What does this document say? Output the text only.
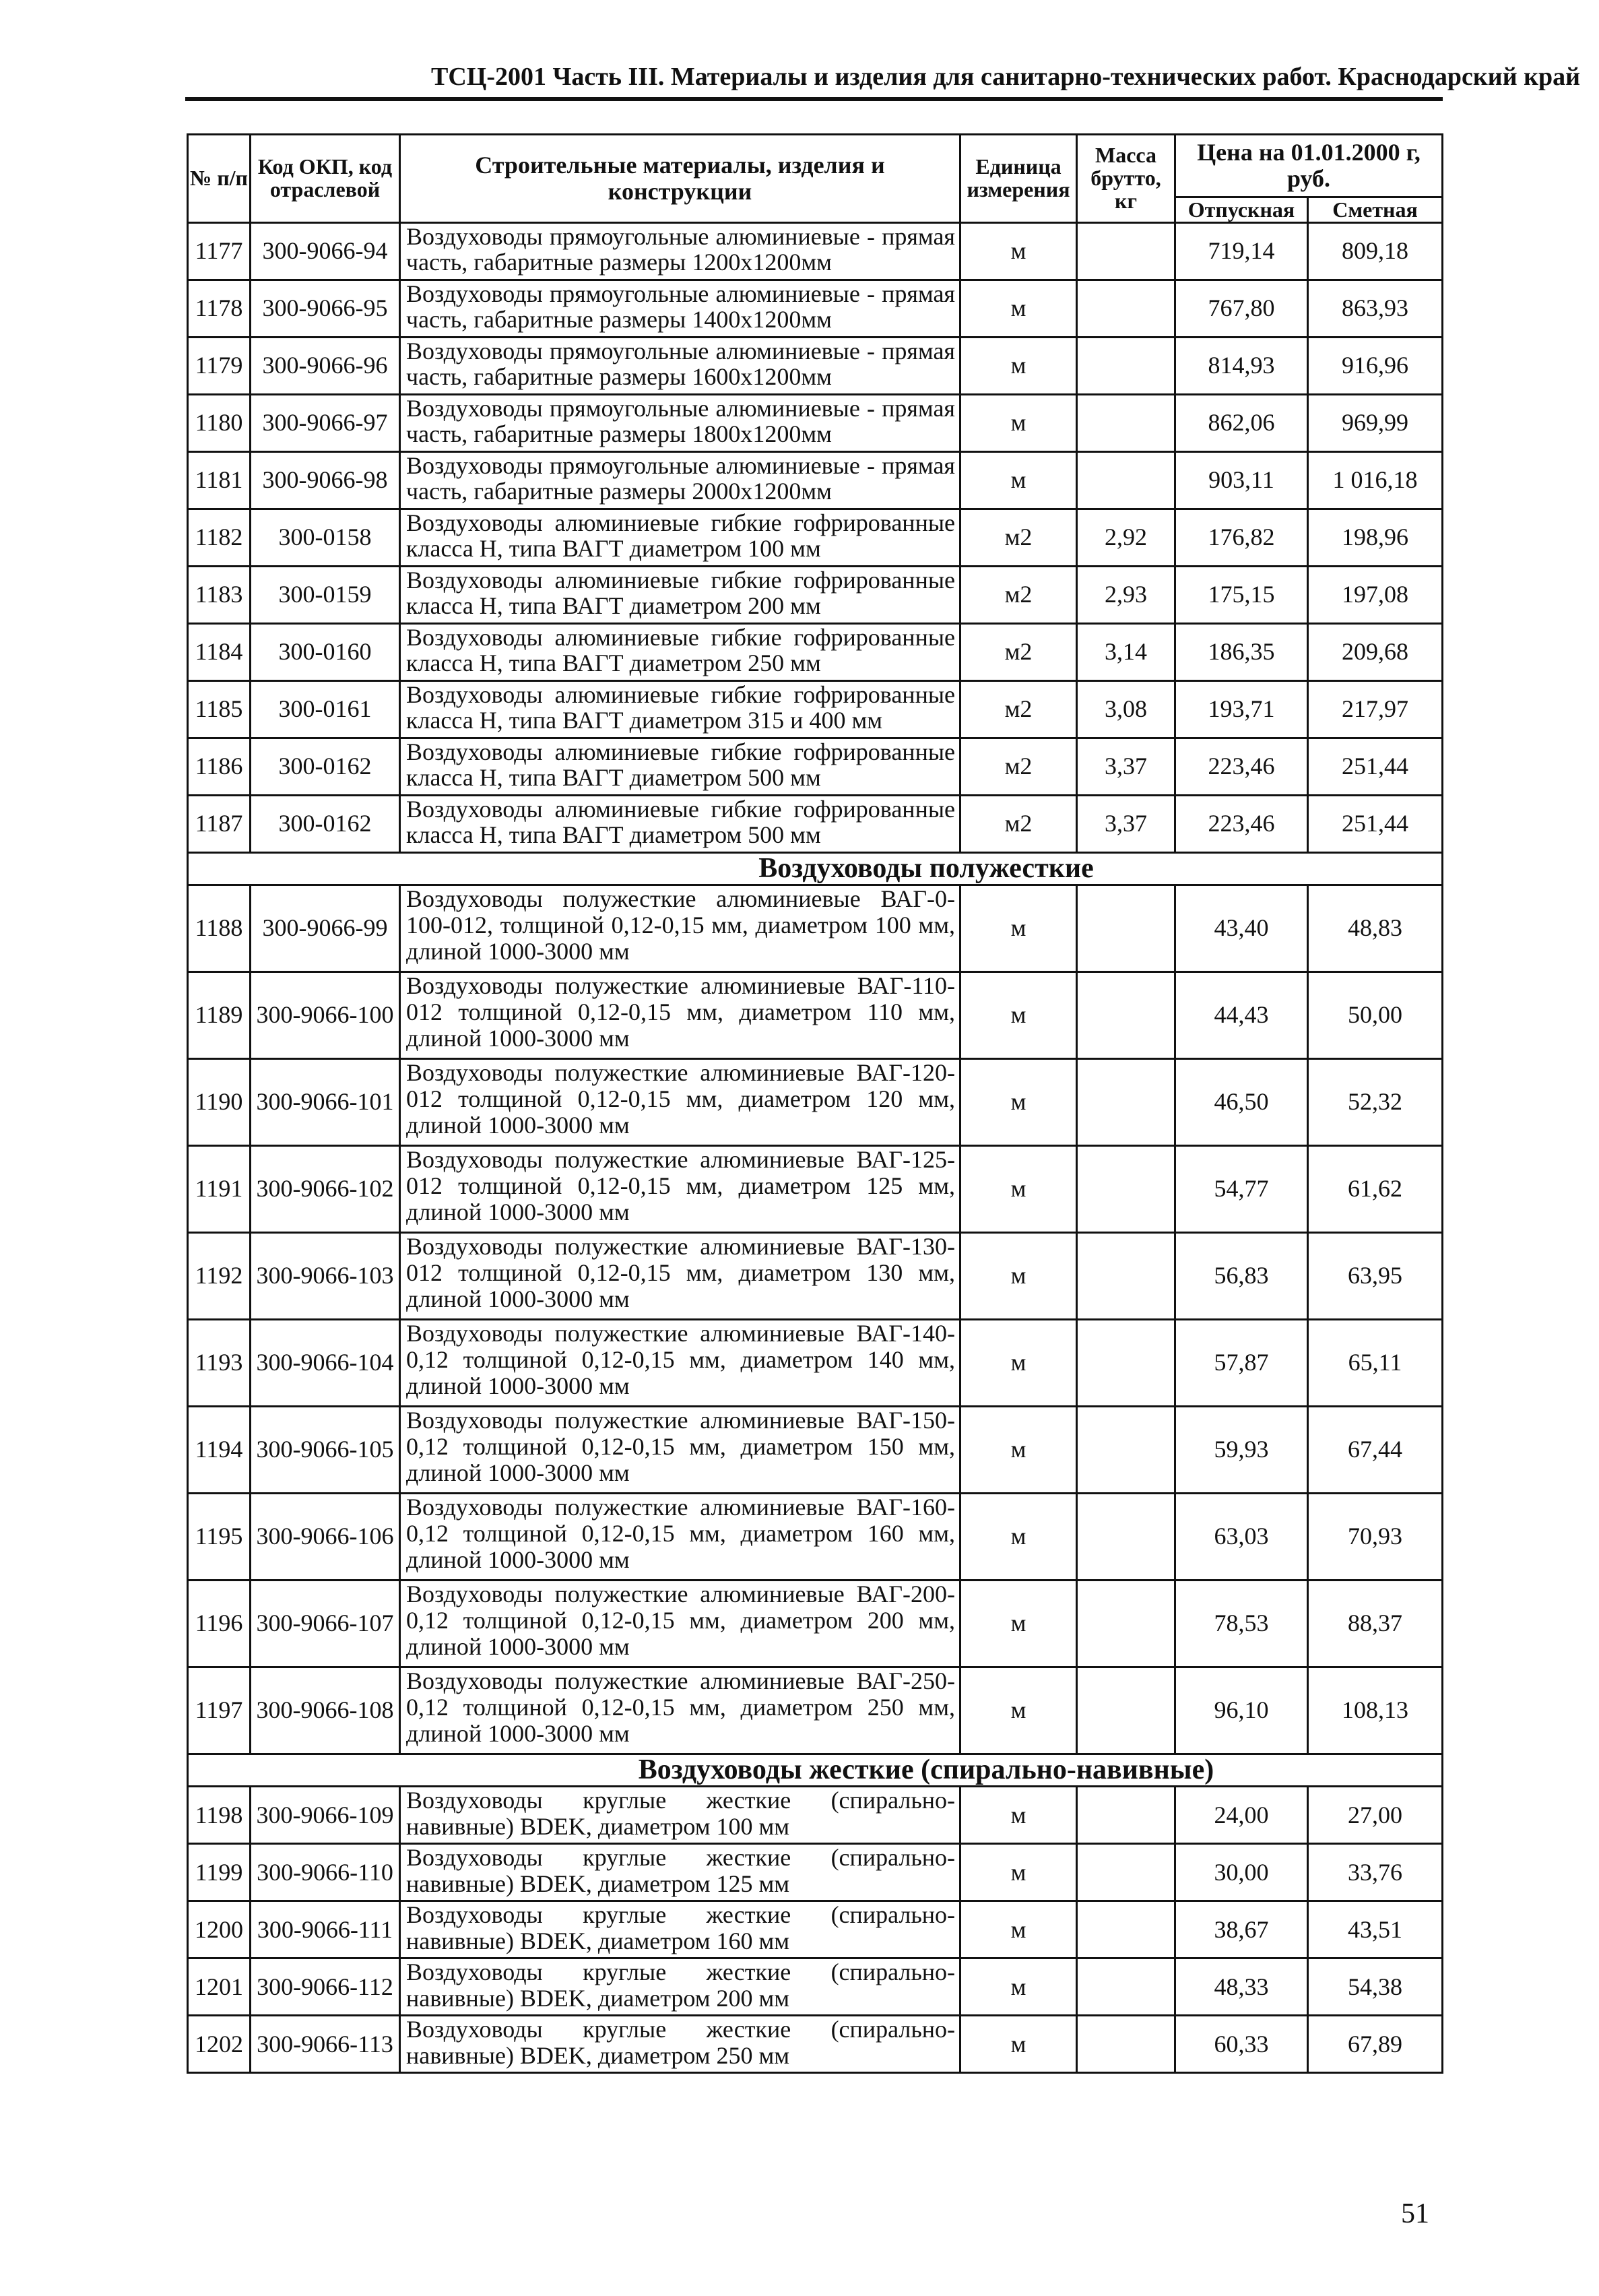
ТСЦ-2001 Часть III. Материалы и изделия для санитарно-технических работ. Краснодарский край
№ п/п	Код ОКП, код отраслевой	Строительные материалы, изделия и конструкции	Единица измерения	Масса брутто, кг	Цена на 01.01.2000 г, руб.	
					Отпускная	Сметная
1177	300-9066-94	Воздуховоды прямоугольные алюминиевые - прямая часть, габаритные размеры 1200х1200мм	м		719,14	809,18
1178	300-9066-95	Воздуховоды прямоугольные алюминиевые - прямая часть, габаритные размеры 1400х1200мм	м		767,80	863,93
1179	300-9066-96	Воздуховоды прямоугольные алюминиевые - прямая часть, габаритные размеры 1600х1200мм	м		814,93	916,96
1180	300-9066-97	Воздуховоды прямоугольные алюминиевые - прямая часть, габаритные размеры 1800х1200мм	м		862,06	969,99
1181	300-9066-98	Воздуховоды прямоугольные алюминиевые - прямая часть, габаритные размеры 2000х1200мм	м		903,11	1 016,18
1182	300-0158	Воздуховоды алюминиевые гибкие гофрированные класса Н, типа ВАГТ диаметром 100 мм	м2	2,92	176,82	198,96
1183	300-0159	Воздуховоды алюминиевые гибкие гофрированные класса Н, типа ВАГТ диаметром 200 мм	м2	2,93	175,15	197,08
1184	300-0160	Воздуховоды алюминиевые гибкие гофрированные класса Н, типа ВАГТ диаметром 250 мм	м2	3,14	186,35	209,68
1185	300-0161	Воздуховоды алюминиевые гибкие гофрированные класса Н, типа ВАГТ диаметром 315 и 400 мм	м2	3,08	193,71	217,97
1186	300-0162	Воздуховоды алюминиевые гибкие гофрированные класса Н, типа ВАГТ диаметром 500 мм	м2	3,37	223,46	251,44
1187	300-0162	Воздуховоды алюминиевые гибкие гофрированные класса Н, типа ВАГТ диаметром 500 мм	м2	3,37	223,46	251,44
Воздуховоды полужесткие						
1188	300-9066-99	Воздуховоды полужесткие алюминиевые ВАГ-0-100-012, толщиной 0,12-0,15 мм, диаметром 100 мм, длиной 1000-3000 мм	м		43,40	48,83
1189	300-9066-100	Воздуховоды полужесткие алюминиевые ВАГ-110-012 толщиной 0,12-0,15 мм, диаметром 110 мм, длиной 1000-3000 мм	м		44,43	50,00
1190	300-9066-101	Воздуховоды полужесткие алюминиевые ВАГ-120-012 толщиной 0,12-0,15 мм, диаметром 120 мм, длиной 1000-3000 мм	м		46,50	52,32
1191	300-9066-102	Воздуховоды полужесткие алюминиевые ВАГ-125-012 толщиной 0,12-0,15 мм, диаметром 125 мм, длиной 1000-3000 мм	м		54,77	61,62
1192	300-9066-103	Воздуховоды полужесткие алюминиевые ВАГ-130-012 толщиной 0,12-0,15 мм, диаметром 130 мм, длиной 1000-3000 мм	м		56,83	63,95
1193	300-9066-104	Воздуховоды полужесткие алюминиевые ВАГ-140-0,12 толщиной 0,12-0,15 мм, диаметром 140 мм, длиной 1000-3000 мм	м		57,87	65,11
1194	300-9066-105	Воздуховоды полужесткие алюминиевые ВАГ-150-0,12 толщиной 0,12-0,15 мм, диаметром 150 мм, длиной 1000-3000 мм	м		59,93	67,44
1195	300-9066-106	Воздуховоды полужесткие алюминиевые ВАГ-160-0,12 толщиной 0,12-0,15 мм, диаметром 160 мм, длиной 1000-3000 мм	м		63,03	70,93
1196	300-9066-107	Воздуховоды полужесткие алюминиевые ВАГ-200-0,12 толщиной 0,12-0,15 мм, диаметром 200 мм, длиной 1000-3000 мм	м		78,53	88,37
1197	300-9066-108	Воздуховоды полужесткие алюминиевые ВАГ-250-0,12 толщиной 0,12-0,15 мм, диаметром 250 мм, длиной 1000-3000 мм	м		96,10	108,13
Воздуховоды жесткие (спирально-навивные)						
1198	300-9066-109	Воздуховоды круглые жесткие (спирально-навивные) BDEK, диаметром 100 мм	м		24,00	27,00
1199	300-9066-110	Воздуховоды круглые жесткие (спирально-навивные) BDEK, диаметром 125 мм	м		30,00	33,76
1200	300-9066-111	Воздуховоды круглые жесткие (спирально-навивные) BDEK, диаметром 160 мм	м		38,67	43,51
1201	300-9066-112	Воздуховоды круглые жесткие (спирально-навивные) BDEK, диаметром 200 мм	м		48,33	54,38
1202	300-9066-113	Воздуховоды круглые жесткие (спирально-навивные) BDEK, диаметром 250 мм	м		60,33	67,89
51
